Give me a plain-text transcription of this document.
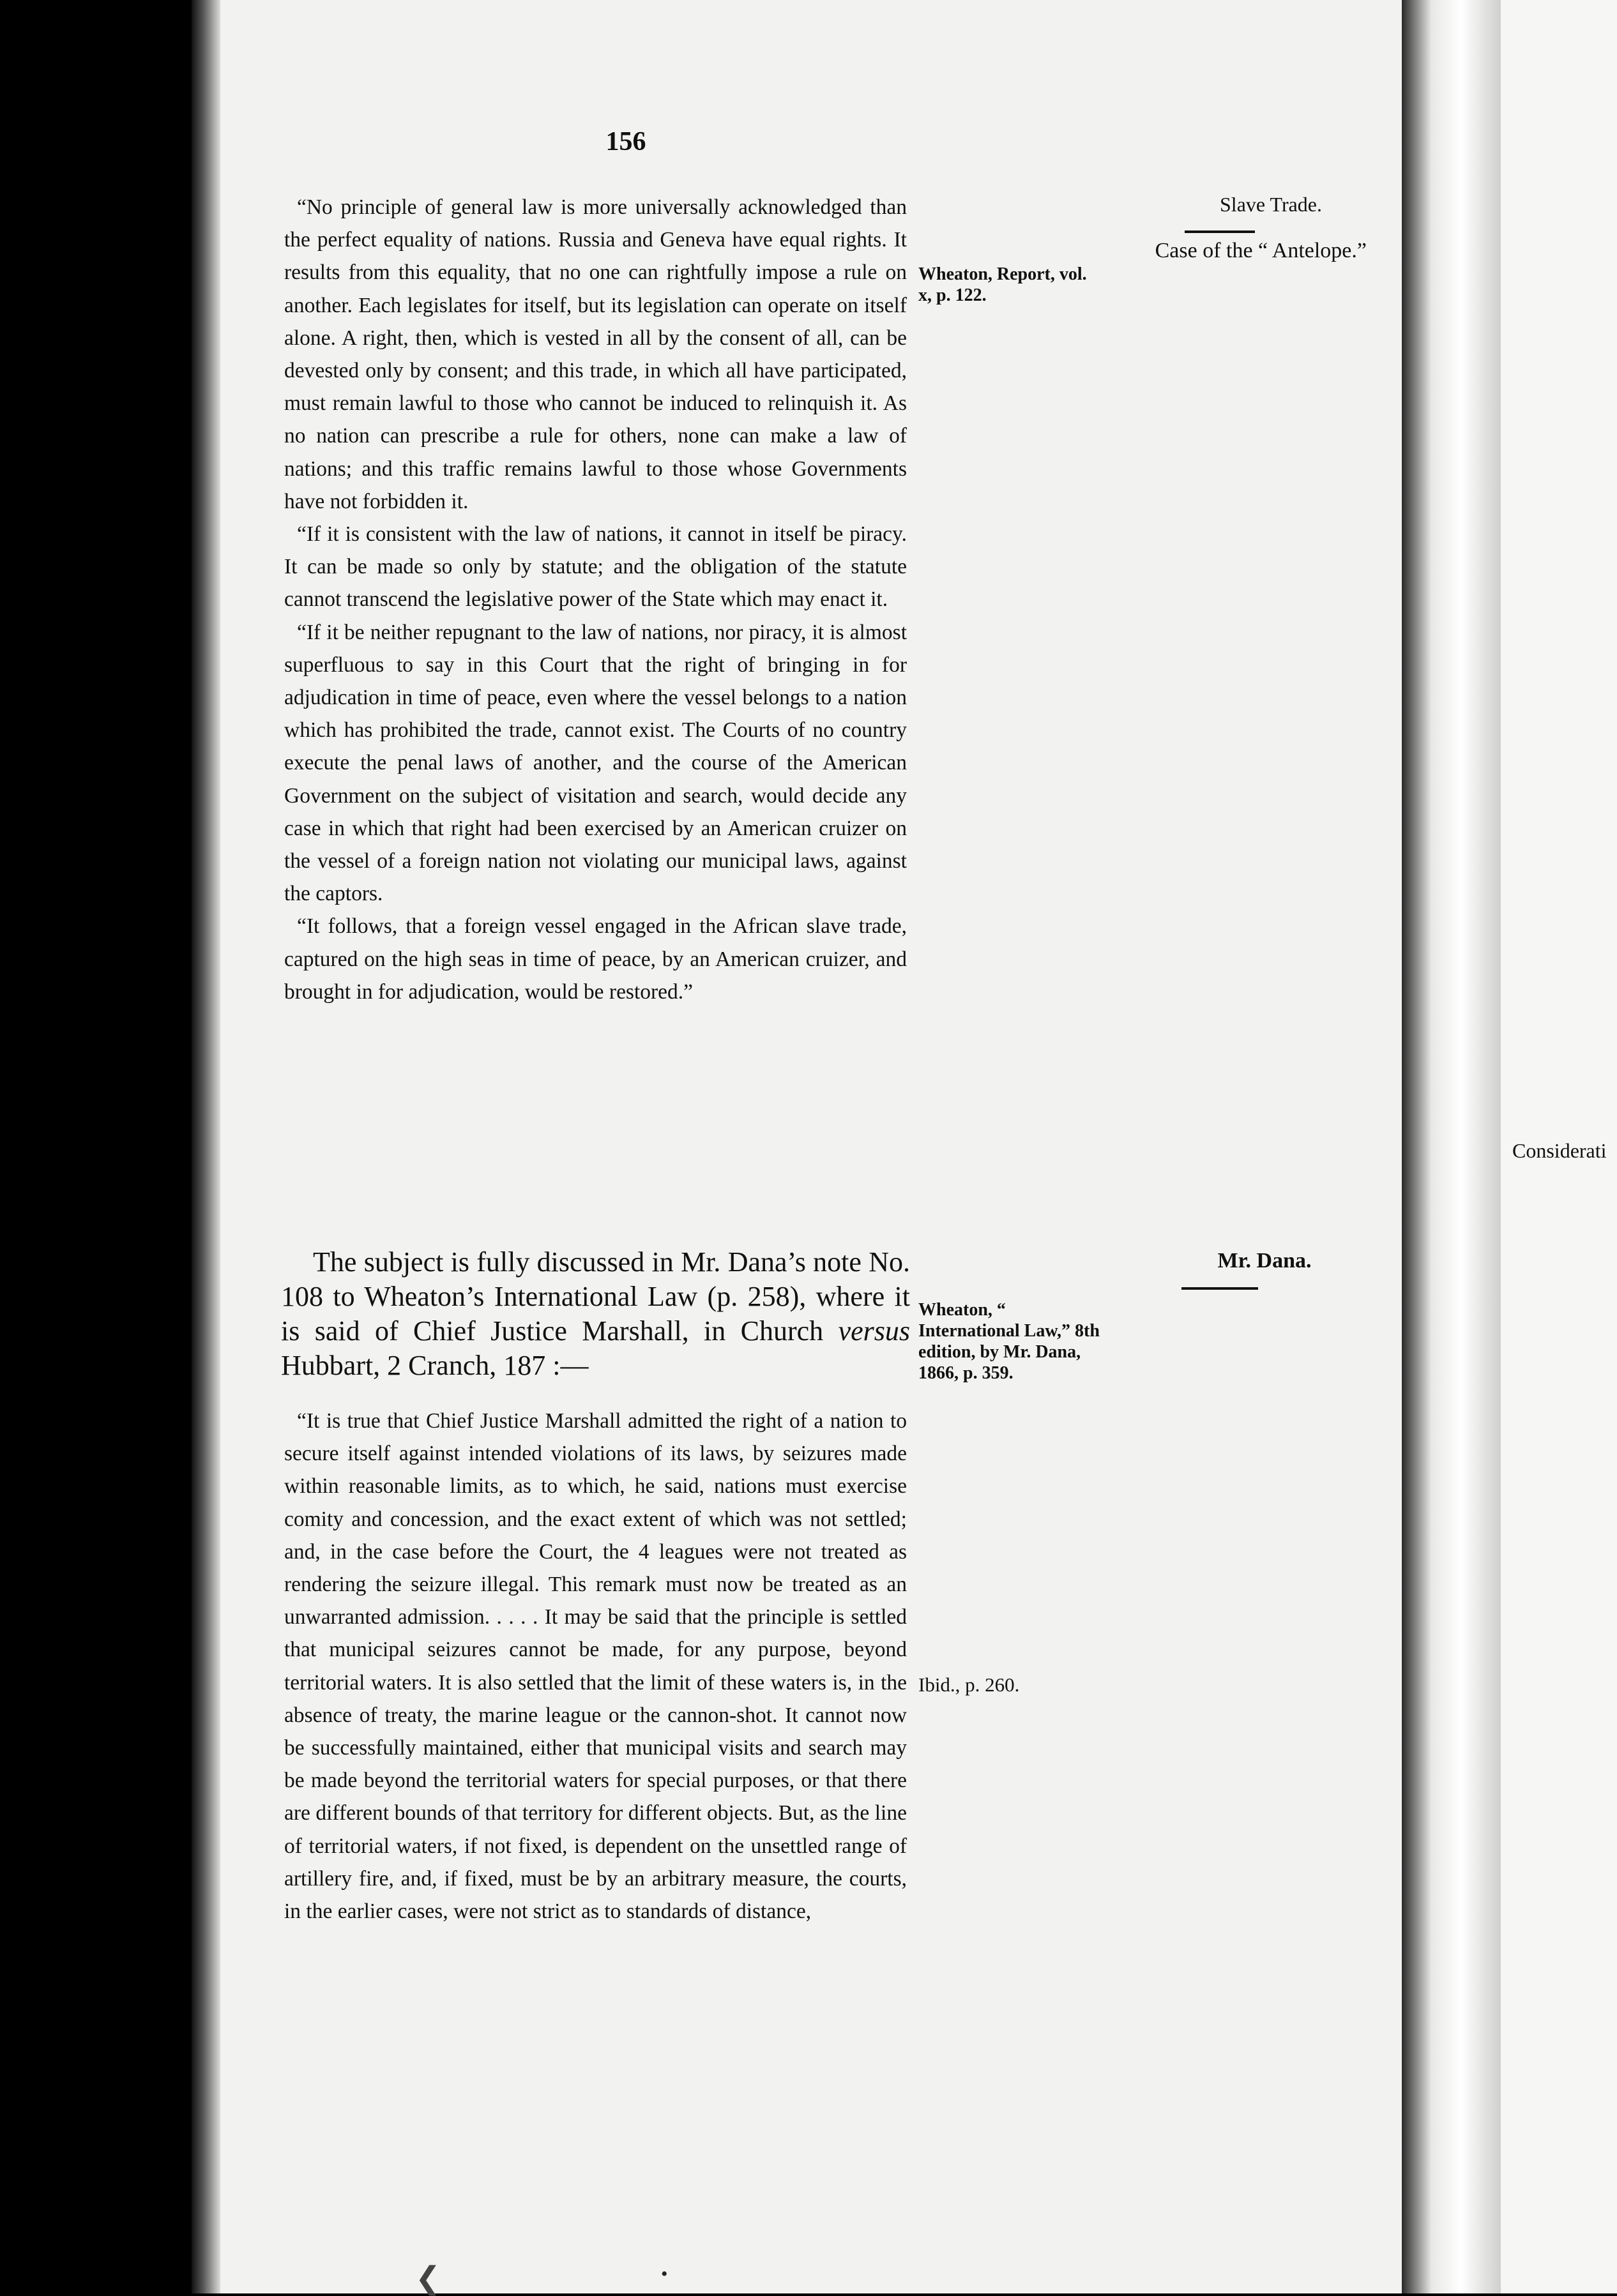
156
Slave Trade.
Case of the “ Antelope.”
Mr. Dana.
Considerati
Wheaton, Report, vol. x, p. 122.
Wheaton, “ International Law,” 8th edition, by Mr. Dana, 1866, p. 359.
Ibid., p. 260.

“No principle of general law is more universally acknowledged than the perfect equality of nations. Russia and Geneva have equal rights. It results from this equality, that no one can rightfully impose a rule on another. Each legislates for itself, but its legislation can operate on itself alone. A right, then, which is vested in all by the consent of all, can be devested only by consent; and this trade, in which all have participated, must remain lawful to those who cannot be induced to relinquish it. As no nation can prescribe a rule for others, none can make a law of nations; and this traffic remains lawful to those whose Governments have not forbidden it.

“If it is consistent with the law of nations, it cannot in itself be piracy. It can be made so only by statute; and the obligation of the statute cannot transcend the legislative power of the State which may enact it.

“If it be neither repugnant to the law of nations, nor piracy, it is almost superfluous to say in this Court that the right of bringing in for adjudication in time of peace, even where the vessel belongs to a nation which has prohibited the trade, cannot exist. The Courts of no country execute the penal laws of another, and the course of the American Government on the subject of visitation and search, would decide any case in which that right had been exercised by an American cruizer on the vessel of a foreign nation not violating our municipal laws, against the captors.

“It follows, that a foreign vessel engaged in the African slave trade, captured on the high seas in time of peace, by an American cruizer, and brought in for adjudication, would be restored.”

The subject is fully discussed in Mr. Dana’s note No. 108 to Wheaton’s International Law (p. 258), where it is said of Chief Justice Marshall, in Church versus Hubbart, 2 Cranch, 187 :—

“It is true that Chief Justice Marshall admitted the right of a nation to secure itself against intended violations of its laws, by seizures made within reasonable limits, as to which, he said, nations must exercise comity and concession, and the exact extent of which was not settled; and, in the case before the Court, the 4 leagues were not treated as rendering the seizure illegal. This remark must now be treated as an unwarranted admission. . . . . It may be said that the principle is settled that municipal seizures cannot be made, for any purpose, beyond territorial waters. It is also settled that the limit of these waters is, in the absence of treaty, the marine league or the cannon-shot. It cannot now be successfully maintained, either that municipal visits and search may be made beyond the territorial waters for special purposes, or that there are different bounds of that territory for different objects. But, as the line of territorial waters, if not fixed, is dependent on the unsettled range of artillery fire, and, if fixed, must be by an arbitrary measure, the courts, in the earlier cases, were not strict as to standards of distance,

❮	•
